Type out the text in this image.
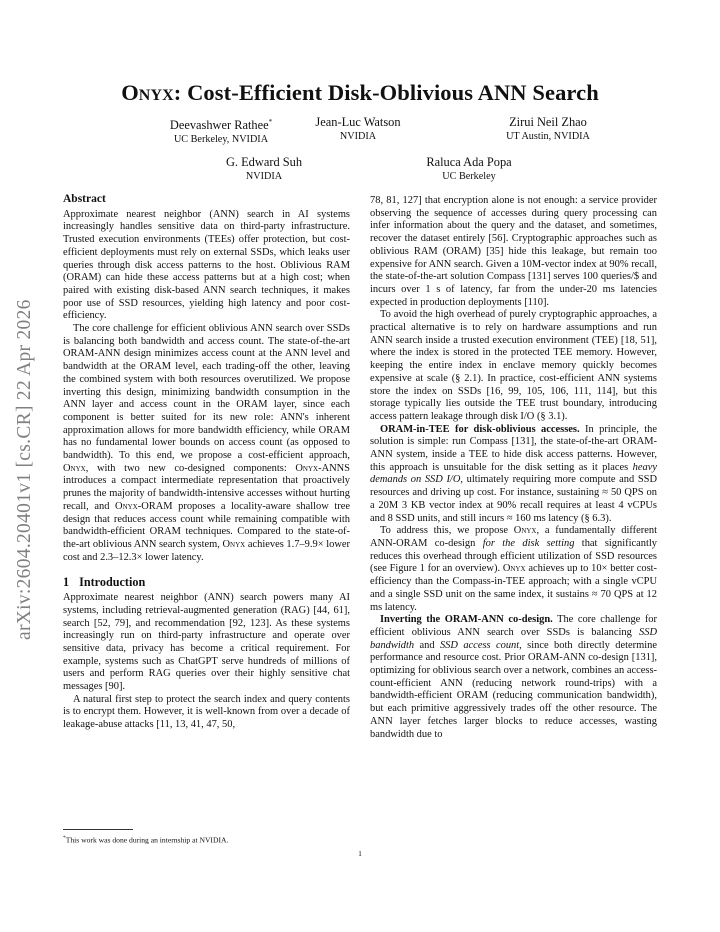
Onyx: Cost-Efficient Disk-Oblivious ANN Search
Deevashwer Rathee*
UC Berkeley, NVIDIA
Jean-Luc Watson
NVIDIA
Zirui Neil Zhao
UT Austin, NVIDIA
G. Edward Suh
NVIDIA
Raluca Ada Popa
UC Berkeley
arXiv:2604.20401v1 [cs.CR] 22 Apr 2026
Abstract

Approximate nearest neighbor (ANN) search in AI systems increasingly handles sensitive data on third-party infrastructure. Trusted execution environments (TEEs) offer protection, but cost-efficient deployments must rely on external SSDs, which leaks user queries through disk access patterns to the host. Oblivious RAM (ORAM) can hide these access patterns but at a high cost; when paired with existing disk-based ANN search techniques, it makes poor use of SSD resources, yielding high latency and poor cost-efficiency.

The core challenge for efficient oblivious ANN search over SSDs is balancing both bandwidth and access count. The state-of-the-art ORAM-ANN design minimizes access count at the ANN level and bandwidth at the ORAM level, each trading-off the other, leaving the combined system with both resources overutilized. We propose inverting this design, minimizing bandwidth consumption in the ANN layer and access count in the ORAM layer, since each component is better suited for its new role: ANN's inherent approximation allows for more bandwidth efficiency, while ORAM has no fundamental lower bounds on access count (as opposed to bandwidth). To this end, we propose a cost-efficient approach, Onyx, with two new co-designed components: Onyx-ANNS introduces a compact intermediate representation that proactively prunes the majority of bandwidth-intensive accesses without hurting recall, and Onyx-ORAM proposes a locality-aware shallow tree design that reduces access count while remaining compatible with bandwidth-efficient ORAM techniques. Compared to the state-of-the-art oblivious ANN search system, Onyx achieves 1.7–9.9× lower cost and 2.3–12.3× lower latency.

1 Introduction

Approximate nearest neighbor (ANN) search powers many AI systems, including retrieval-augmented generation (RAG) [44, 61], search [52, 79], and recommendation [92, 123]. As these systems increasingly run on third-party infrastructure and operate over sensitive data, privacy has become a critical requirement. For example, systems such as ChatGPT serve hundreds of millions of users and perform RAG queries over their highly sensitive chat messages [90].

A natural first step to protect the search index and query contents is to encrypt them. However, it is well-known from over a decade of leakage-abuse attacks [11, 13, 41, 47, 50,

78, 81, 127] that encryption alone is not enough: a service provider observing the sequence of accesses during query processing can infer information about the query and the dataset, and sometimes, recover the dataset entirely [56]. Cryptographic approaches such as oblivious RAM (ORAM) [35] hide this leakage, but remain too expensive for ANN search. Given a 10M-vector index at 90% recall, the state-of-the-art solution Compass [131] serves 100 queries/$ and incurs over 1 s of latency, far from the under-20 ms latencies expected in production deployments [110].

To avoid the high overhead of purely cryptographic approaches, a practical alternative is to rely on hardware assumptions and run ANN search inside a trusted execution environment (TEE) [18, 51], where the index is stored in the protected TEE memory. However, keeping the entire index in enclave memory quickly becomes expensive at scale (§ 2.1). In practice, cost-efficient ANN systems store the index on SSDs [16, 99, 105, 106, 111, 114], but this storage typically lies outside the TEE trust boundary, introducing access pattern leakage through disk I/O (§ 3.1).

ORAM-in-TEE for disk-oblivious accesses. In principle, the solution is simple: run Compass [131], the state-of-the-art ORAM-ANN system, inside a TEE to hide disk access patterns. However, this approach is unsuitable for the disk setting as it places heavy demands on SSD I/O, ultimately requiring more compute and SSD resources and driving up cost. For instance, sustaining ≈ 50 QPS on a 20M 3 KB vector index at 90% recall requires at least 4 vCPUs and 8 SSD units, and still incurs ≈ 160 ms latency (§ 6.3).

To address this, we propose Onyx, a fundamentally different ANN-ORAM co-design for the disk setting that significantly reduces this overhead through efficient utilization of SSD resources (see Figure 1 for an overview). Onyx achieves up to 10× better cost-efficiency than the Compass-in-TEE approach; with a single vCPU and a single SSD unit on the same index, it sustains ≈ 70 QPS at 12 ms latency.

Inverting the ORAM-ANN co-design. The core challenge for efficient oblivious ANN search over SSDs is balancing SSD bandwidth and SSD access count, since both directly determine performance and resource cost. Prior ORAM-ANN co-design [131], optimizing for oblivious search over a network, combines an access-count-efficient ANN (reducing network round-trips) with a bandwidth-efficient ORAM (reducing communication bandwidth), but each primitive aggressively trades off the other resource. The ANN layer fetches larger blocks to reduce accesses, wasting bandwidth due to

*This work was done during an internship at NVIDIA.
1
